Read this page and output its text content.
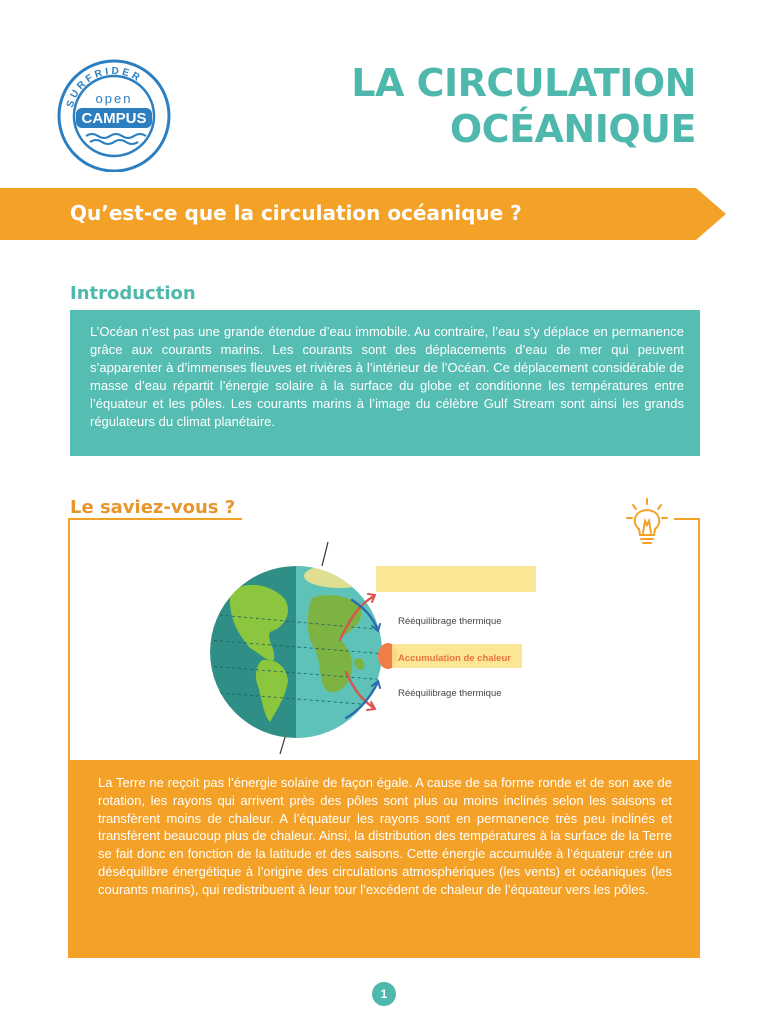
SURFRIDER
open
CAMPUS
LA CIRCULATION
OCÉANIQUE
Qu’est-ce que la circulation océanique ?
Introduction

L’Océan n’est pas une grande étendue d’eau immobile. Au contraire, l’eau s’y déplace en permanence grâce aux courants marins. Les courants sont des déplacements d’eau de mer qui peuvent s’apparenter à d’immenses fleuves et rivières à l’intérieur de l’Océan. Ce déplacement considérable de masse d’eau répartit l’énergie solaire à la surface du globe et conditionne les températures entre l’équateur et les pôles. Les courants marins à l’image du célèbre Gulf Stream sont ainsi les grands régulateurs du climat planétaire.

Le saviez-vous ?
Rééquilibrage thermique
Accumulation de chaleur
Rééquilibrage thermique

La Terre ne reçoit pas l’énergie solaire de façon égale. A cause de sa forme ronde et de son axe de rotation, les rayons qui arrivent près des pôles sont plus ou moins inclinés selon les saisons et transfèrent moins de chaleur. A l’équateur les rayons sont en permanence très peu inclinés et transfèrent beaucoup plus de chaleur. Ainsi, la distribution des températures à la surface de la Terre se fait donc en fonction de la latitude et des saisons. Cette énergie accumulée à l’équateur crée un déséquilibre énergétique à l’origine des circulations atmosphériques (les vents) et océaniques (les courants marins), qui redistribuent à leur tour l’excédent de chaleur de l’équateur vers les pôles.

1
